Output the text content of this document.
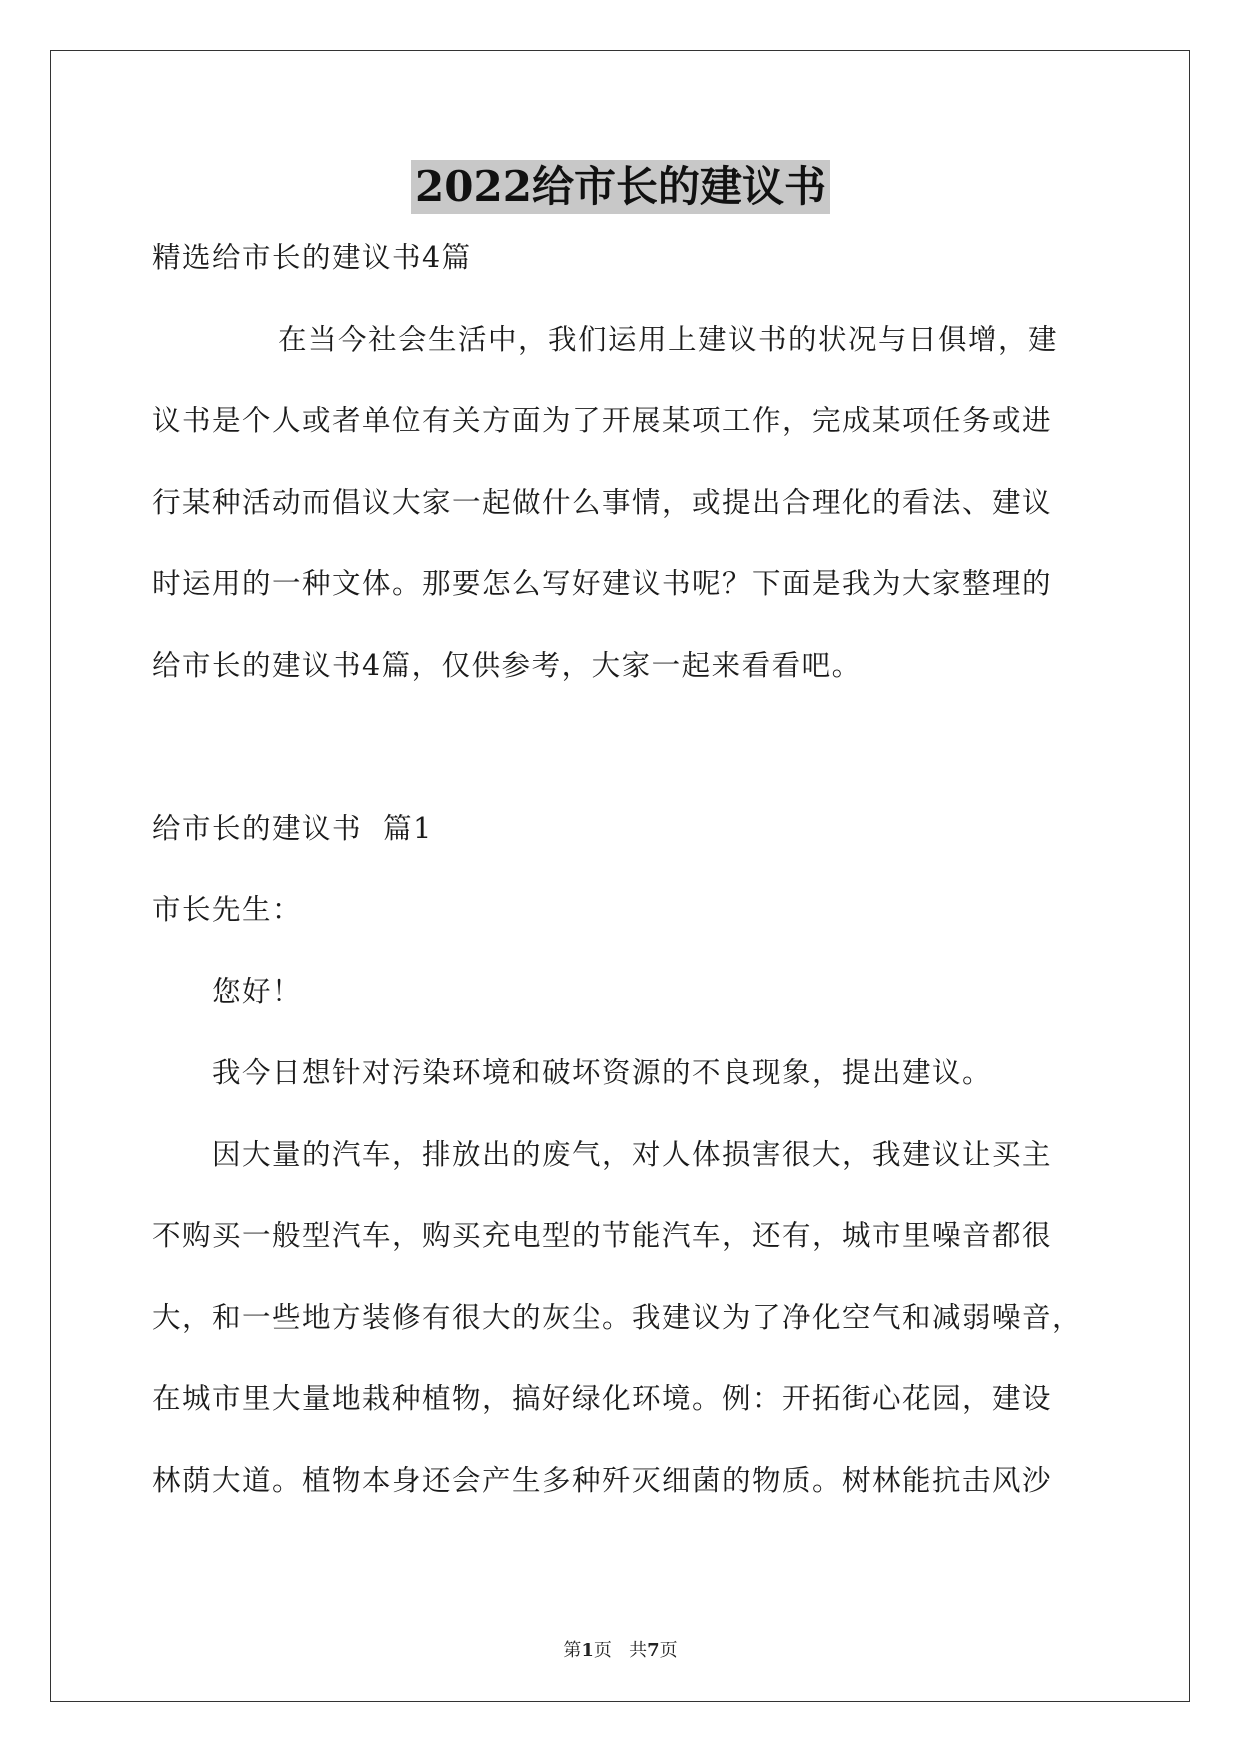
2022给市长的建议书
精选给市长的建议书4篇
在当今社会生活中，我们运用上建议书的状况与日俱增，建
议书是个人或者单位有关方面为了开展某项工作，完成某项任务或进
行某种活动而倡议大家一起做什么事情，或提出合理化的看法、建议
时运用的一种文体。那要怎么写好建议书呢？下面是我为大家整理的
给市长的建议书4篇，仅供参考，大家一起来看看吧。
给市长的建议书  篇1
市长先生：
您好！
我今日想针对污染环境和破坏资源的不良现象，提出建议。
因大量的汽车，排放出的废气，对人体损害很大，我建议让买主
不购买一般型汽车，购买充电型的节能汽车，还有，城市里噪音都很
大，和一些地方装修有很大的灰尘。我建议为了净化空气和减弱噪音，
在城市里大量地栽种植物，搞好绿化环境。例：开拓街心花园，建设
林荫大道。植物本身还会产生多种歼灭细菌的物质。树林能抗击风沙
第1页 共7页
